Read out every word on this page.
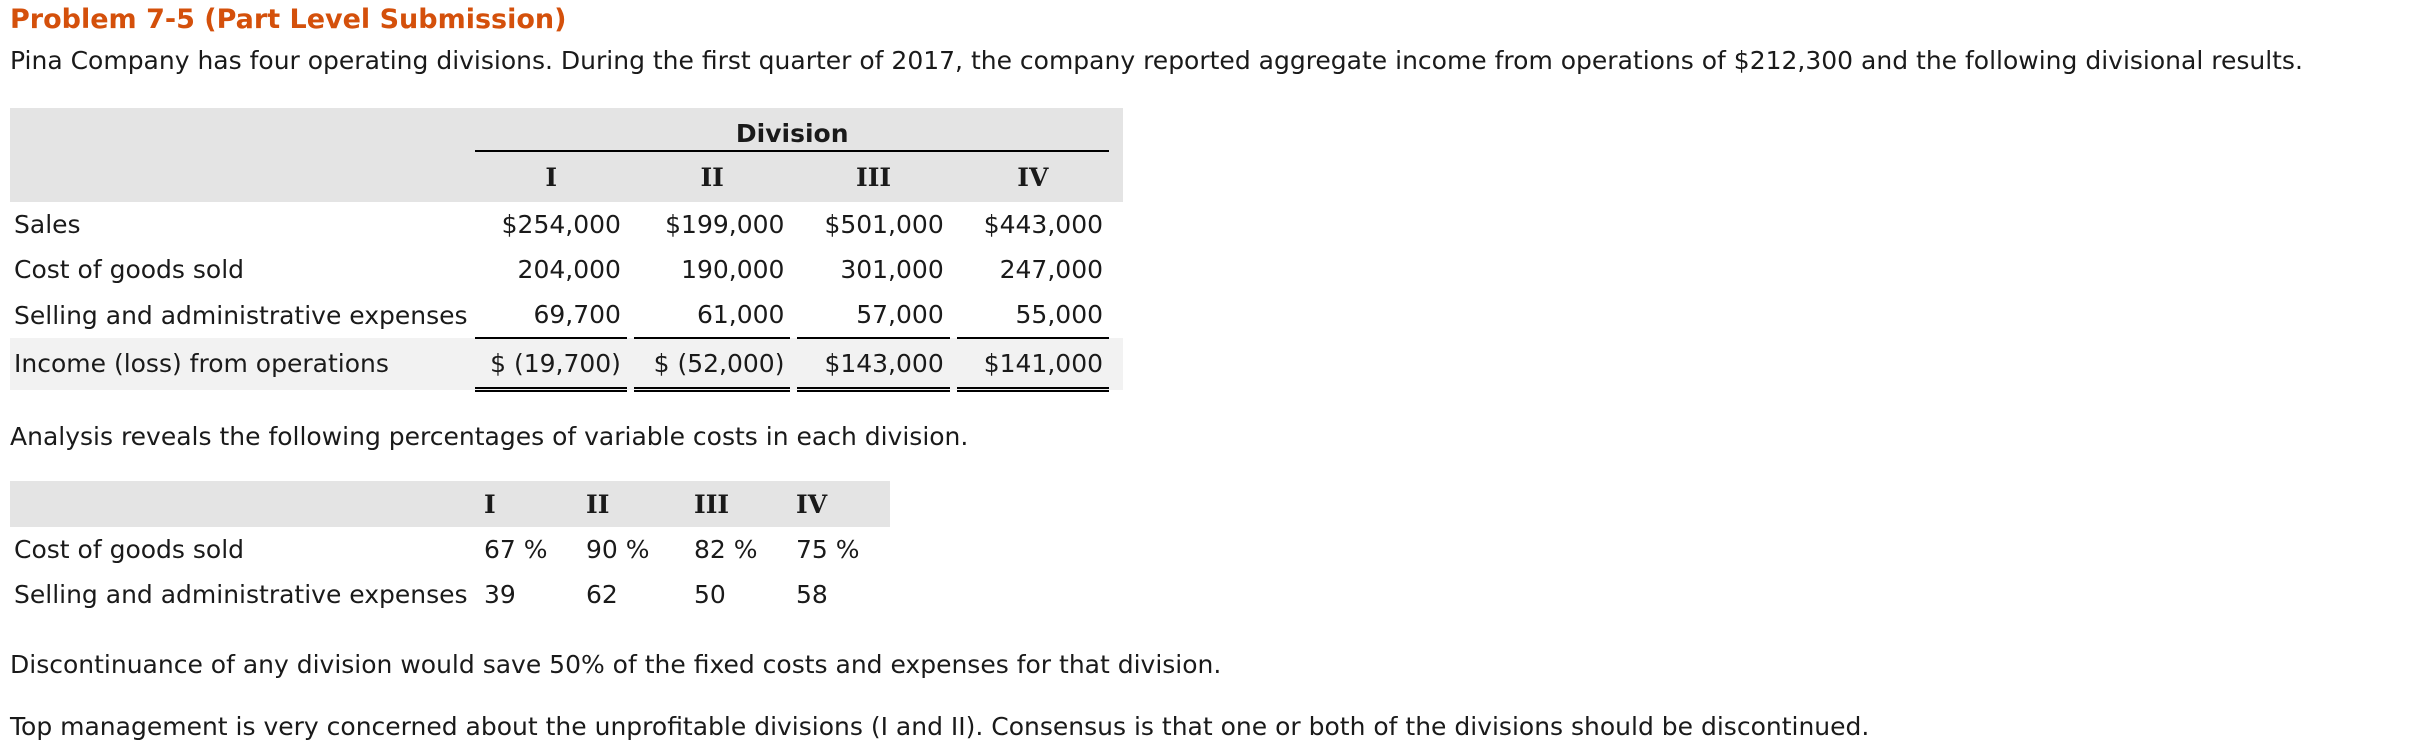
Problem 7-5 (Part Level Submission)
Pina Company has four operating divisions. During the first quarter of 2017, the company reported aggregate income from operations of $212,300 and the following divisional results.
	Division							
	I		II		III		IV	
Sales	$254,000		$199,000		$501,000		$443,000	
Cost of goods sold	204,000		190,000		301,000		247,000	
Selling and administrative expenses	69,700		61,000		57,000		55,000	
Income (loss) from operations	$ (19,700)		$ (52,000)		$143,000		$141,000	
Analysis reveals the following percentages of variable costs in each division.
	I	II	III	IV
Cost of goods sold	67 %	90 %	82 %	75 %
Selling and administrative expenses	39	62	50	58
Discontinuance of any division would save 50% of the fixed costs and expenses for that division.
Top management is very concerned about the unprofitable divisions (I and II). Consensus is that one or both of the divisions should be discontinued.
